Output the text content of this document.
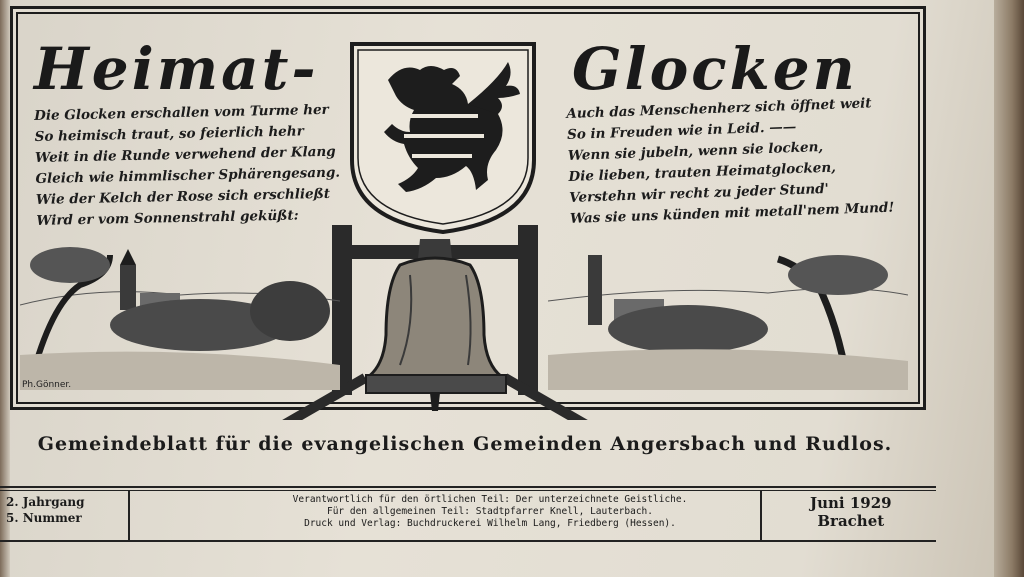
Heimat-	Glocken
Die Glocken erschallen vom Turme her
So heimisch traut, so feierlich hehr
Weit in die Runde verwehend der Klang
Gleich wie himmlischer Sphärengesang.
Wie der Kelch der Rose sich erschließt
Wird er vom Sonnenstrahl geküßt:
Auch das Menschenherz sich öffnet weit
So in Freuden wie in Leid. ——
Wenn sie jubeln, wenn sie locken,
Die lieben, trauten Heimatglocken,
Verstehn wir recht zu jeder Stund'
Was sie uns künden mit metall'nem Mund!
Ph.Gönner.
Gemeindeblatt für die evangelischen Gemeinden Angersbach und Rudlos.
2. Jahrgang
5. Nummer
Verantwortlich für den örtlichen Teil: Der unterzeichnete Geistliche.
Für den allgemeinen Teil: Stadtpfarrer Knell, Lauterbach.
Druck und Verlag: Buchdruckerei Wilhelm Lang, Friedberg (Hessen).
Juni 1929
Brachet
